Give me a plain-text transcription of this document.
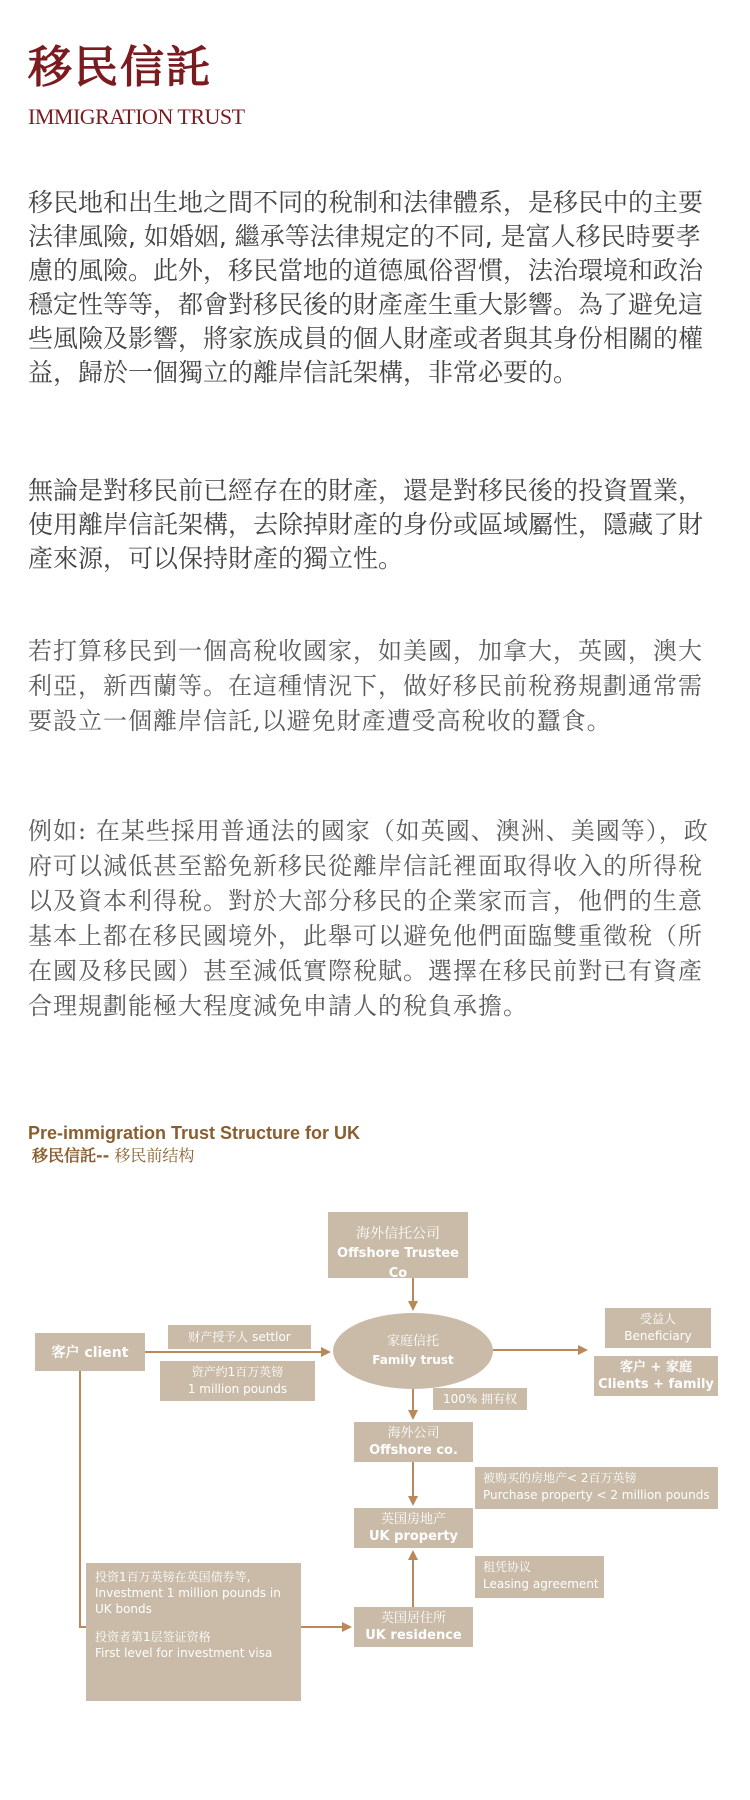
移民信託
IMMIGRATION TRUST

移民地和出生地之間不同的稅制和法律體系，是移民中的主要法律風險, 如婚姻, 繼承等法律規定的不同, 是富人移民時要孝慮的風險。此外，移民當地的道德風俗習慣，法治環境和政治穩定性等等，都會對移民後的財產產生重大影響。為了避免這些風險及影響，將家族成員的個人財產或者與其身份相關的權益，歸於一個獨立的離岸信託架構，非常必要的。

無論是對移民前已經存在的財產，還是對移民後的投資置業，使用離岸信託架構，去除掉財產的身份或區域屬性，隱藏了財產來源，可以保持財產的獨立性。

若打算移民到一個高稅收國家，如美國，加拿大，英國，澳大利亞，新西蘭等。在這種情況下，做好移民前稅務規劃通常需要設立一個離岸信託,以避免財產遭受高稅收的蠶食。

例如: 在某些採用普通法的國家（如英國、澳洲、美國等），政府可以減低甚至豁免新移民從離岸信託裡面取得收入的所得稅以及資本利得稅。對於大部分移民的企業家而言，他們的生意基本上都在移民國境外，此舉可以避免他們面臨雙重徵稅（所在國及移民國）甚至減低實際稅賦。選擇在移民前對已有資產合理規劃能極大程度減免申請人的稅負承擔。

Pre-immigration Trust Structure for UK
移民信託-- 移民前结构
海外信托公司
Offshore Trustee Co
客户 client
财产授予人 settlor
资产约1百万英镑
1 million pounds
家庭信托
Family trust
受益人
Beneficiary
客户 + 家庭
Clients + family
100% 拥有权
海外公司
Offshore co.
被购买的房地产< 2百万英镑
Purchase property < 2 million pounds
英国房地产
UK property
租凭协议
Leasing agreement
投资1百万英镑在英国债券等,
Investment 1 million pounds in UK bonds
投资者第1层签证资格
First level for investment visa
英国居住所
UK residence
